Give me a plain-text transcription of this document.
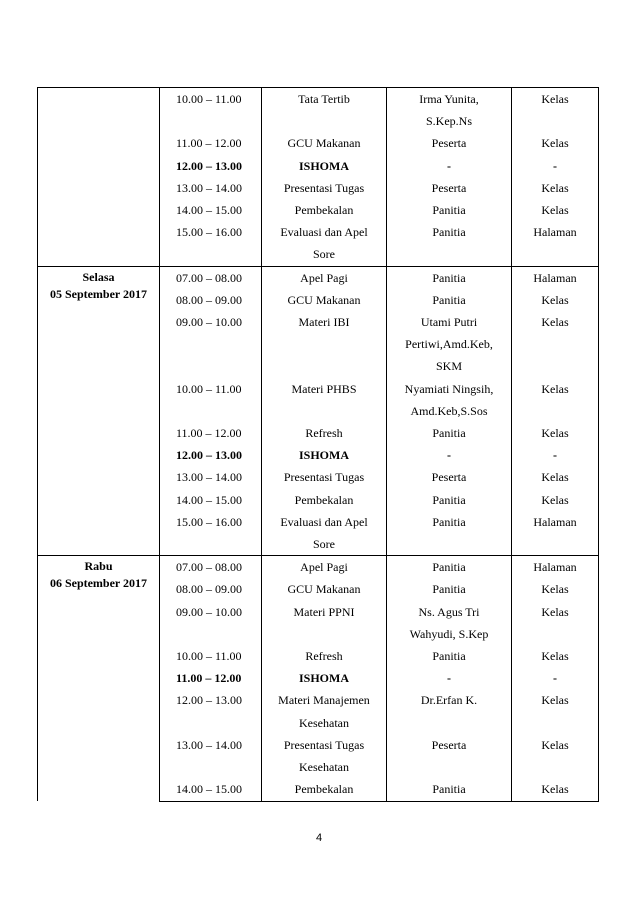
	10.00 – 11.00	Tata Tertib	Irma Yunita,
S.Kep.Ns	Kelas
	11.00 – 12.00	GCU Makanan	Peserta	Kelas
	12.00 – 13.00	ISHOMA	-	-
	13.00 – 14.00	Presentasi Tugas	Peserta	Kelas
	14.00 – 15.00	Pembekalan	Panitia	Kelas
	15.00 – 16.00	Evaluasi dan Apel
Sore	Panitia	Halaman

Selasa
05 September 2017	07.00 – 08.00	Apel Pagi	Panitia	Halaman
	08.00 – 09.00	GCU Makanan	Panitia	Kelas
	09.00 – 10.00	Materi IBI	Utami Putri
Pertiwi,Amd.Keb,
SKM	Kelas
	10.00 – 11.00	Materi PHBS	Nyamiati Ningsih,
Amd.Keb,S.Sos	Kelas
	11.00 – 12.00	Refresh	Panitia	Kelas
	12.00 – 13.00	ISHOMA	-	-
	13.00 – 14.00	Presentasi Tugas	Peserta	Kelas
	14.00 – 15.00	Pembekalan	Panitia	Kelas
	15.00 – 16.00	Evaluasi dan Apel
Sore	Panitia	Halaman

Rabu
06 September 2017	07.00 – 08.00	Apel Pagi	Panitia	Halaman
	08.00 – 09.00	GCU Makanan	Panitia	Kelas
	09.00 – 10.00	Materi PPNI	Ns. Agus Tri
Wahyudi, S.Kep	Kelas
	10.00 – 11.00	Refresh	Panitia	Kelas
	11.00 – 12.00	ISHOMA	-	-
	12.00 – 13.00	Materi Manajemen
Kesehatan	Dr.Erfan K.	Kelas
	13.00 – 14.00	Presentasi Tugas
Kesehatan	Peserta	Kelas
	14.00 – 15.00	Pembekalan	Panitia	Kelas
4
